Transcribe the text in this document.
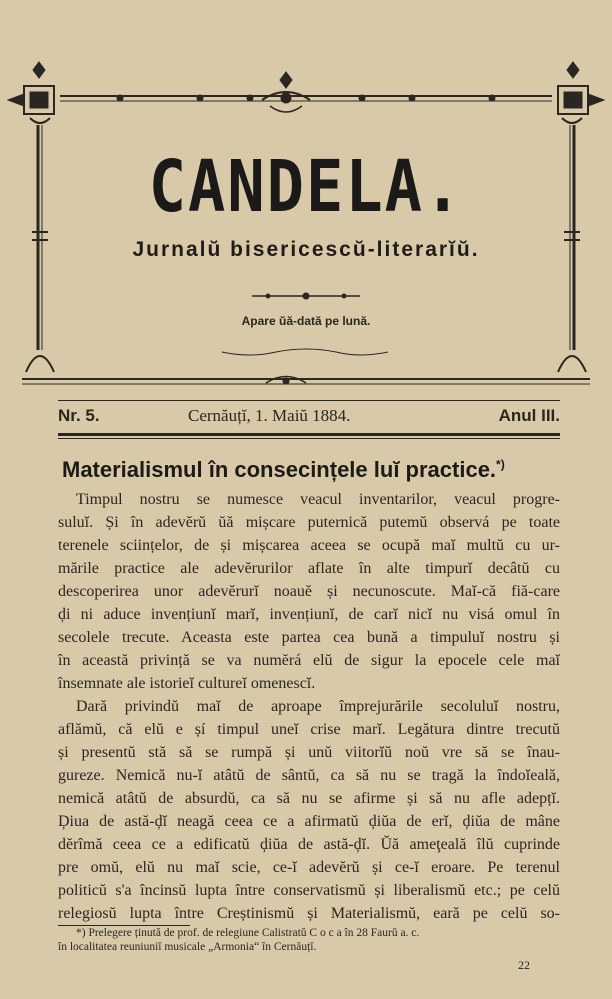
CANDELA.
Jurnalŭ bisericescŭ-literarĭŭ.
Apare ŭă-dată pe lună.
Nr. 5.	Cernăuțĭ, 1. Maiŭ 1884.	Anul III.
Materialismul în consecințele luĭ practice.*)
Timpul nostru se numesce veacul inventarilor, veacul progre-
suluĭ. Și în adevĕrŭ ŭă mișcare puternică putemŭ observá pe toate
terenele sciințelor, de și mișcarea aceea se ocupă maĭ multŭ cu ur-
mările practice ale adevĕrurilor aflate în alte timpurĭ decâtŭ cu
descoperirea unor adevĕrurĭ noauĕ și necunoscute. Maĭ-că fiă-care
ḑi ni aduce invențiunĭ marĭ, invențiunĭ, de carĭ nicĭ nu visá omul în
secolele trecute. Aceasta este partea cea bună a timpuluĭ nostru și
în această privință se va numĕrá elŭ de sigur la epocele cele maĭ
însemnate ale istorieĭ cultureĭ omenescĭ.
Dară privindŭ maĭ de aproape împrejurările secoluluĭ nostru,
aflămŭ, că elŭ e șí timpul uneĭ crise marĭ. Legătura dintre trecutŭ
și presentŭ stă să se rumpă și unŭ viitorĭŭ noŭ vre să se înau-
gureze. Nemică nu-ĭ atâtŭ de sântŭ, ca să nu se tragă la îndoĭeală,
nemică atâtŭ de absurdŭ, ca să nu se afirme și să nu afle adepțĭ.
Ḑiua de astă-ḑĭ neagă ceea ce a afirmatŭ ḑiŭa de erĭ, ḑiŭa de mâne
dĕrîmă ceea ce a edificatŭ ḑiŭa de astă-ḑĭ. Ŭă ameţeală îlŭ cuprinde
pre omŭ, elŭ nu maĭ scie, ce-ĭ adevĕrŭ și ce-ĭ eroare. Pe terenul
politicŭ s'a încinsŭ lupta între conservatismŭ și liberalismŭ etc.; pe celŭ
relegiosŭ lupta între Creștinismŭ și Materialismŭ, eară pe celŭ so-
*) Prelegere ținută de prof. de relegiune Calistratŭ C o c a în 28 Faurŭ a. c.
în localitatea reuniuniĭ musicale „Armonia“ în Cernăuțĭ.
22
